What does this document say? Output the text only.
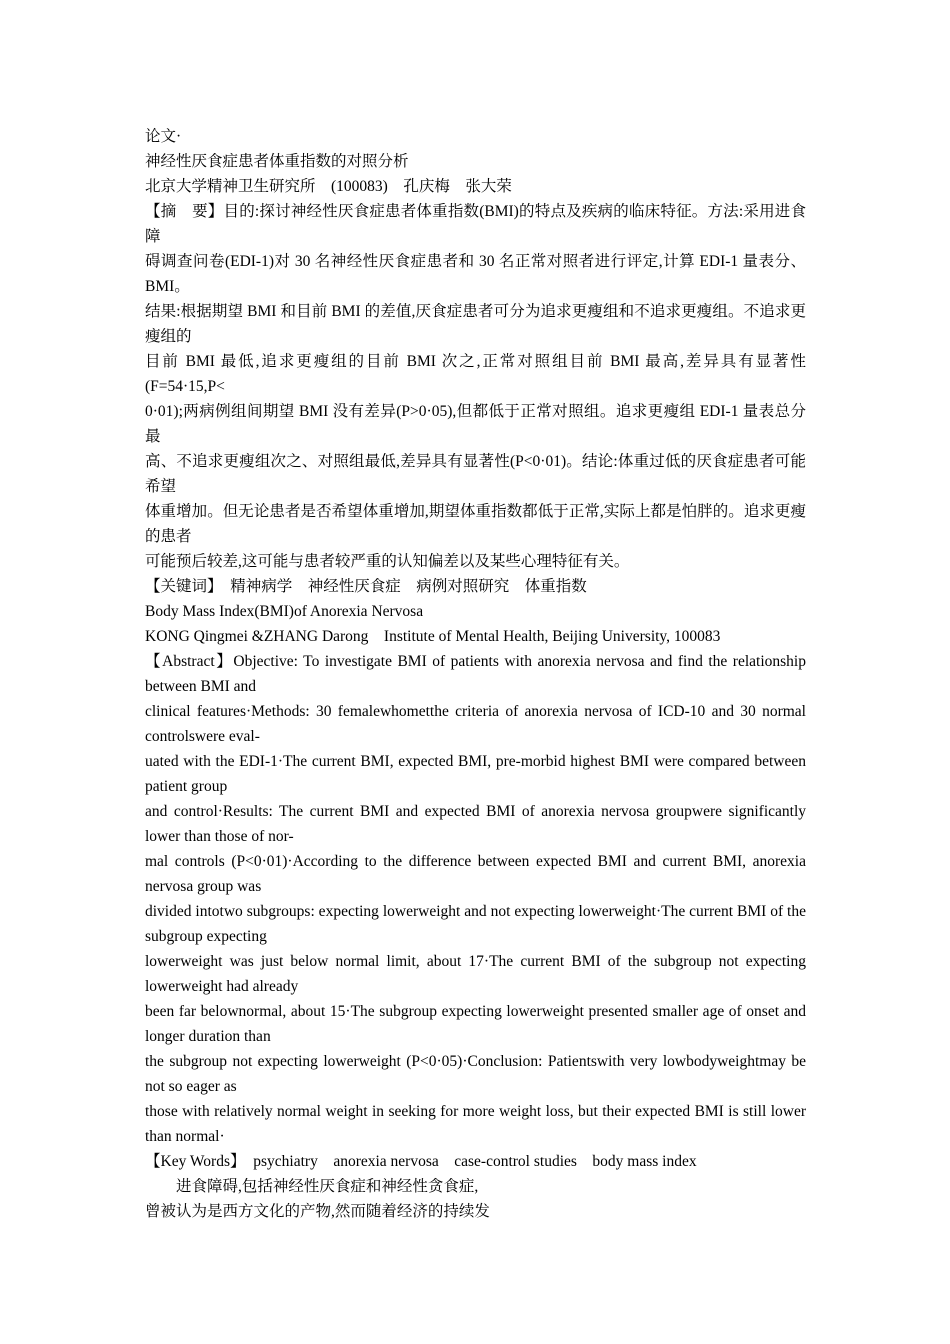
论文·
神经性厌食症患者体重指数的对照分析
北京大学精神卫生研究所　(100083)　孔庆梅　张大荣
【摘　要】目的:探讨神经性厌食症患者体重指数(BMI)的特点及疾病的临床特征。方法:采用进食障
碍调查问卷(EDI-1)对 30 名神经性厌食症患者和 30 名正常对照者进行评定,计算 EDI-1 量表分、BMI。
结果:根据期望 BMI 和目前 BMI 的差值,厌食症患者可分为追求更瘦组和不追求更瘦组。不追求更瘦组的
目前 BMI 最低,追求更瘦组的目前 BMI 次之,正常对照组目前 BMI 最高,差异具有显著性(F=54·15,P<
0·01);两病例组间期望 BMI 没有差异(P>0·05),但都低于正常对照组。追求更瘦组 EDI-1 量表总分最
高、不追求更瘦组次之、对照组最低,差异具有显著性(P<0·01)。结论:体重过低的厌食症患者可能希望
体重增加。但无论患者是否希望体重增加,期望体重指数都低于正常,实际上都是怕胖的。追求更瘦的患者
可能预后较差,这可能与患者较严重的认知偏差以及某些心理特征有关。
【关键词】　精神病学　神经性厌食症　病例对照研究　体重指数
Body Mass Index(BMI)of Anorexia Nervosa
KONG Qingmei &ZHANG Darong　Institute of Mental Health, Beijing University, 100083
【Abstract】Objective: To investigate BMI of patients with anorexia nervosa and find the relationship between BMI and
clinical features·Methods: 30 femalewhometthe criteria of anorexia nervosa of ICD-10 and 30 normal controlswere eval-
uated with the EDI-1·The current BMI, expected BMI, pre-morbid highest BMI were compared between patient group
and control·Results: The current BMI and expected BMI of anorexia nervosa groupwere significantly lower than those of nor-
mal controls (P<0·01)·According to the difference between expected BMI and current BMI, anorexia nervosa group was
divided intotwo subgroups: expecting lowerweight and not expecting lowerweight·The current BMI of the subgroup expecting
lowerweight was just below normal limit, about 17·The current BMI of the subgroup not expecting lowerweight had already
been far belownormal, about 15·The subgroup expecting lowerweight presented smaller age of onset and longer duration than
the subgroup not expecting lowerweight (P<0·05)·Conclusion: Patientswith very lowbodyweightmay be not so eager as
those with relatively normal weight in seeking for more weight loss, but their expected BMI is still lower than normal·
【Key Words】　psychiatry　anorexia nervosa　case-control studies　body mass index
进食障碍,包括神经性厌食症和神经性贪食症,
曾被认为是西方文化的产物,然而随着经济的持续发
